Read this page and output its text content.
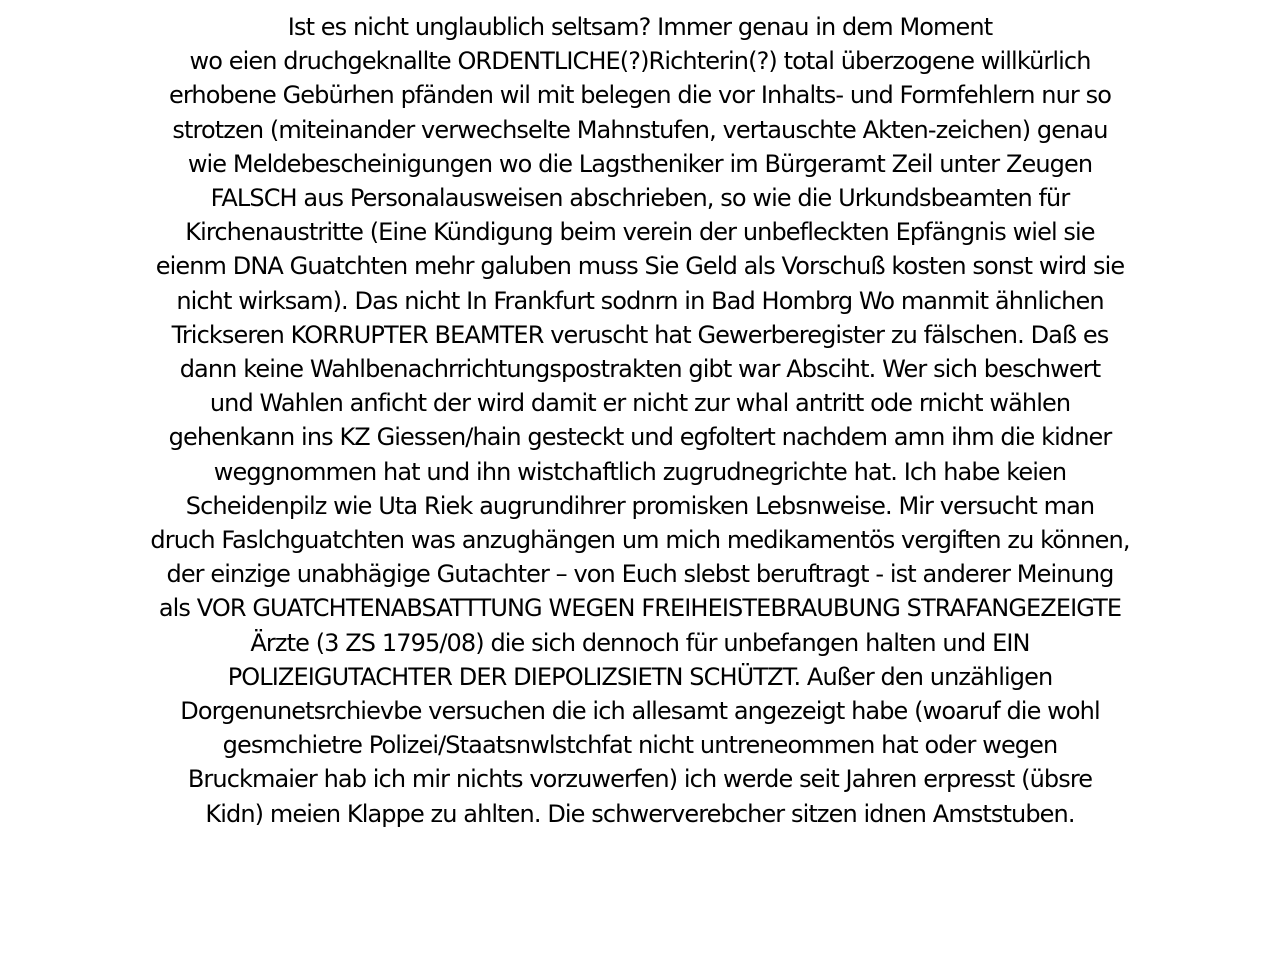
Ist es nicht unglaublich seltsam? Immer genau in dem Moment
wo eien druchgeknallte ORDENTLICHE(?)Richterin(?) total überzogene willkürlich
erhobene Gebürhen pfänden wil mit belegen die vor Inhalts- und Formfehlern nur so
strotzen (miteinander verwechselte Mahnstufen, vertauschte Akten-zeichen) genau
wie Meldebescheinigungen wo die Lagstheniker im Bürgeramt Zeil unter Zeugen
FALSCH aus Personalausweisen abschrieben, so wie die Urkundsbeamten für
Kirchenaustritte (Eine Kündigung beim verein der unbefleckten Epfängnis wiel sie
eienm DNA Guatchten mehr galuben muss Sie Geld als Vorschuß kosten sonst wird sie
nicht wirksam). Das nicht In Frankfurt sodnrn in Bad Hombrg Wo manmit ähnlichen
Trickseren KORRUPTER BEAMTER veruscht hat Gewerberegister zu fälschen. Daß es
dann keine Wahlbenachrrichtungspostrakten gibt war Absciht. Wer sich beschwert
und Wahlen anficht der wird damit er nicht zur whal antritt ode rnicht wählen
gehenkann ins KZ Giessen/hain gesteckt und egfoltert nachdem amn ihm die kidner
weggnommen hat und ihn wistchaftlich zugrudnegrichte hat. Ich habe keien
Scheidenpilz wie Uta Riek augrundihrer promisken Lebsnweise. Mir versucht man
druch Faslchguatchten was anzughängen um mich medikamentös vergiften zu können,
der einzige unabhägige Gutachter – von Euch slebst beruftragt - ist anderer Meinung
als VOR GUATCHTENABSATTTUNG WEGEN FREIHEISTEBRAUBUNG STRAFANGEZEIGTE
Ärzte (3 ZS 1795/08) die sich dennoch für unbefangen halten und EIN
POLIZEIGUTACHTER DER DIEPOLIZSIETN SCHÜTZT. Außer den unzähligen
Dorgenunetsrchievbe versuchen die ich allesamt angezeigt habe (woaruf die wohl
gesmchietre Polizei/Staatsnwlstchfat nicht untreneommen hat oder wegen
Bruckmaier hab ich mir nichts vorzuwerfen) ich werde seit Jahren erpresst (übsre
Kidn) meien Klappe zu ahlten. Die schwerverebcher sitzen idnen Amststuben.
